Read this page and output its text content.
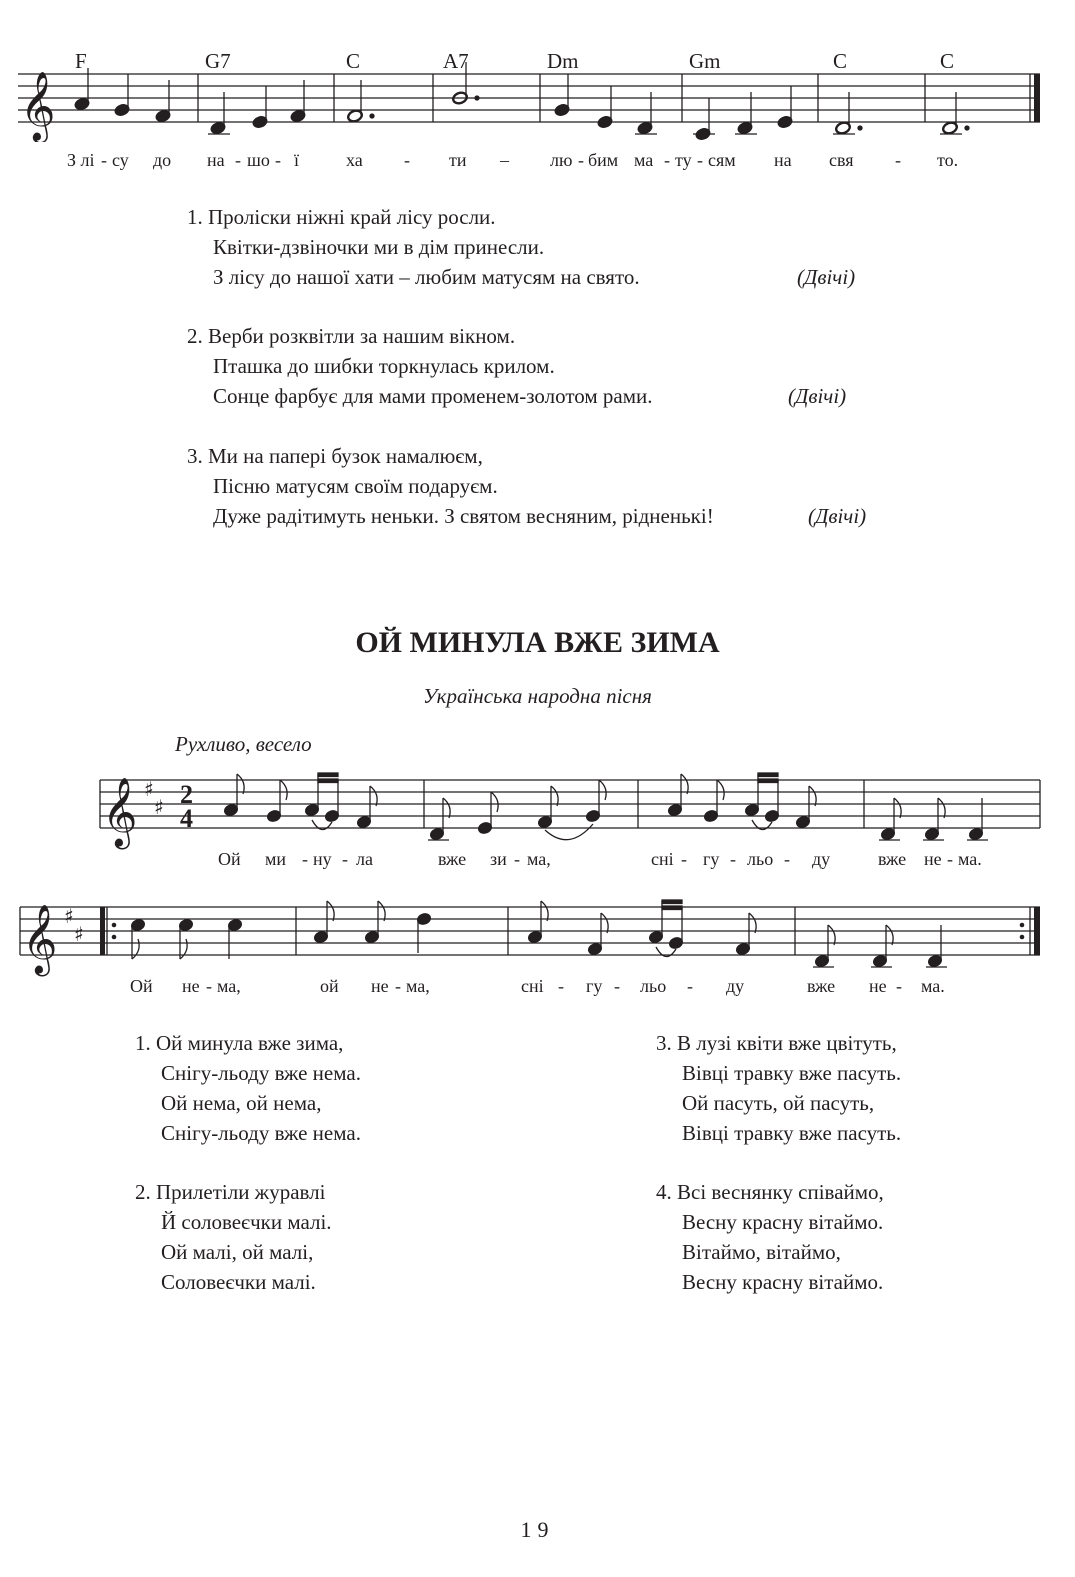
F	G7	C	A7	Dm	Gm	C	C
𝄞
З лі - су до на - шо - ї	ха - ти – лю - бим ма - ту - сям на свя - то.
1. Проліски ніжні край лісу росли.
Квітки-дзвіночки ми в дім принесли.
З лісу до нашої хати – любим матусям на свято.	(Двічі)
2. Верби розквітли за нашим вікном.
Пташка до шибки торкнулась крилом.
Сонце фарбує для мами променем-золотом рами.	(Двічі)
3. Ми на папері бузок намалюєм,
Пісню матусям своїм подаруєм.
Дуже радітимуть неньки. З святом весняним, рідненькі!	(Двічі)
ОЙ МИНУЛА ВЖЕ ЗИМА
Українська народна пісня
Рухливо, весело
𝄞 ♯
♯ 2
4
Ой ми - ну - ла	вже зи - ма,	сні - гу - льо - ду	вже не - ма.
𝄞 ♯
♯
Ой не - ма,	ой не - ма,	сні - гу - льо - ду	вже не - ма.
1. Ой минула вже зима,
Снігу-льоду вже нема.
Ой нема, ой нема,
Снігу-льоду вже нема.
2. Прилетіли журавлі
Й соловеєчки малі.
Ой малі, ой малі,
Соловеєчки малі.
3. В лузі квіти вже цвітуть,
Вівці травку вже пасуть.
Ой пасуть, ой пасуть,
Вівці травку вже пасуть.
4. Всі веснянку співаймо,
Весну красну вітаймо.
Вітаймо, вітаймо,
Весну красну вітаймо.
19
